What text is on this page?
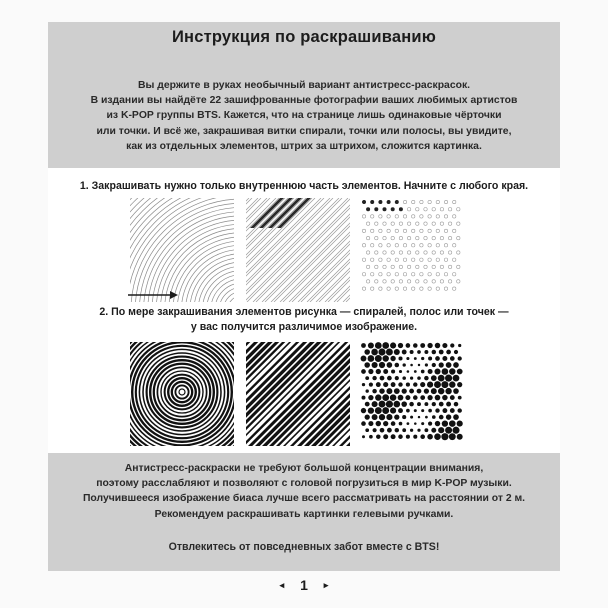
Инструкция по раскрашиванию
Вы держите в руках необычный вариант антистресс-раскрасок.
В издании вы найдёте 22 зашифрованные фотографии ваших любимых артистов
из K-POP группы BTS. Кажется, что на странице лишь одинаковые чёрточки
или точки. И всё же, закрашивая витки спирали, точки или полосы, вы увидите,
как из отдельных элементов, штрих за штрихом, сложится картинка.
1. Закрашивать нужно только внутреннюю часть элементов. Начните с любого края.
2. По мере закрашивания элементов рисунка — спиралей, полос или точек —
у вас получится различимое изображение.
Антистресс-раскраски не требуют большой концентрации внимания,
поэтому расслабляют и позволяют с головой погрузиться в мир K-POP музыки.
Получившееся изображение биаса лучше всего рассматривать на расстоянии от 2 м.
Рекомендуем раскрашивать картинки гелевыми ручками.
Отвлекитесь от повседневных забот вместе с BTS!
◂ 1 ▸
